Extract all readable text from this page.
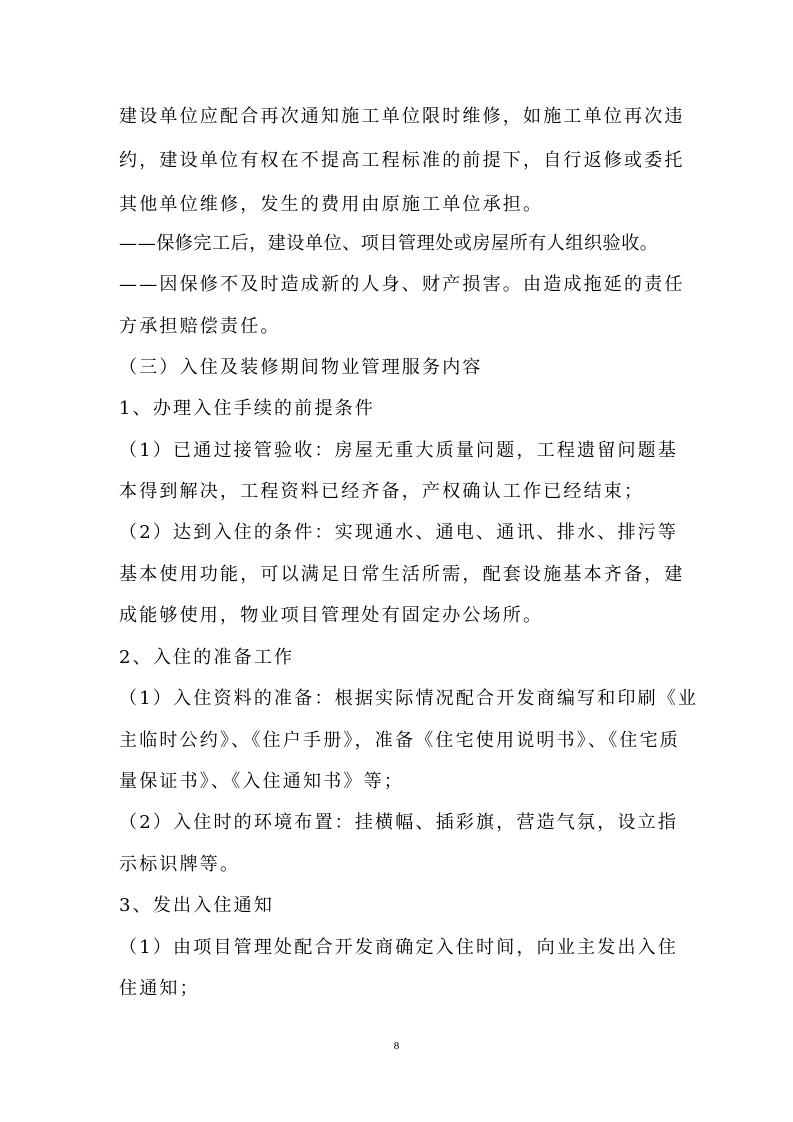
建设单位应配合再次通知施工单位限时维修，如施工单位再次违
约，建设单位有权在不提高工程标准的前提下，自行返修或委托
其他单位维修，发生的费用由原施工单位承担。
——保修完工后，建设单位、项目管理处或房屋所有人组织验收。
——因保修不及时造成新的人身、财产损害。由造成拖延的责任
方承担赔偿责任。
（三）入住及装修期间物业管理服务内容
1、办理入住手续的前提条件
（1）已通过接管验收：房屋无重大质量问题，工程遗留问题基
本得到解决，工程资料已经齐备，产权确认工作已经结束；
（2）达到入住的条件：实现通水、通电、通讯、排水、排污等
基本使用功能，可以满足日常生活所需，配套设施基本齐备，建
成能够使用，物业项目管理处有固定办公场所。
2、入住的准备工作
（1）入住资料的准备：根据实际情况配合开发商编写和印刷《业
主临时公约》、《住户手册》，准备《住宅使用说明书》、《住宅质
量保证书》、《入住通知书》等；
（2）入住时的环境布置：挂横幅、插彩旗，营造气氛，设立指
示标识牌等。
3、发出入住通知
（1）由项目管理处配合开发商确定入住时间，向业主发出入住
住通知；
8
